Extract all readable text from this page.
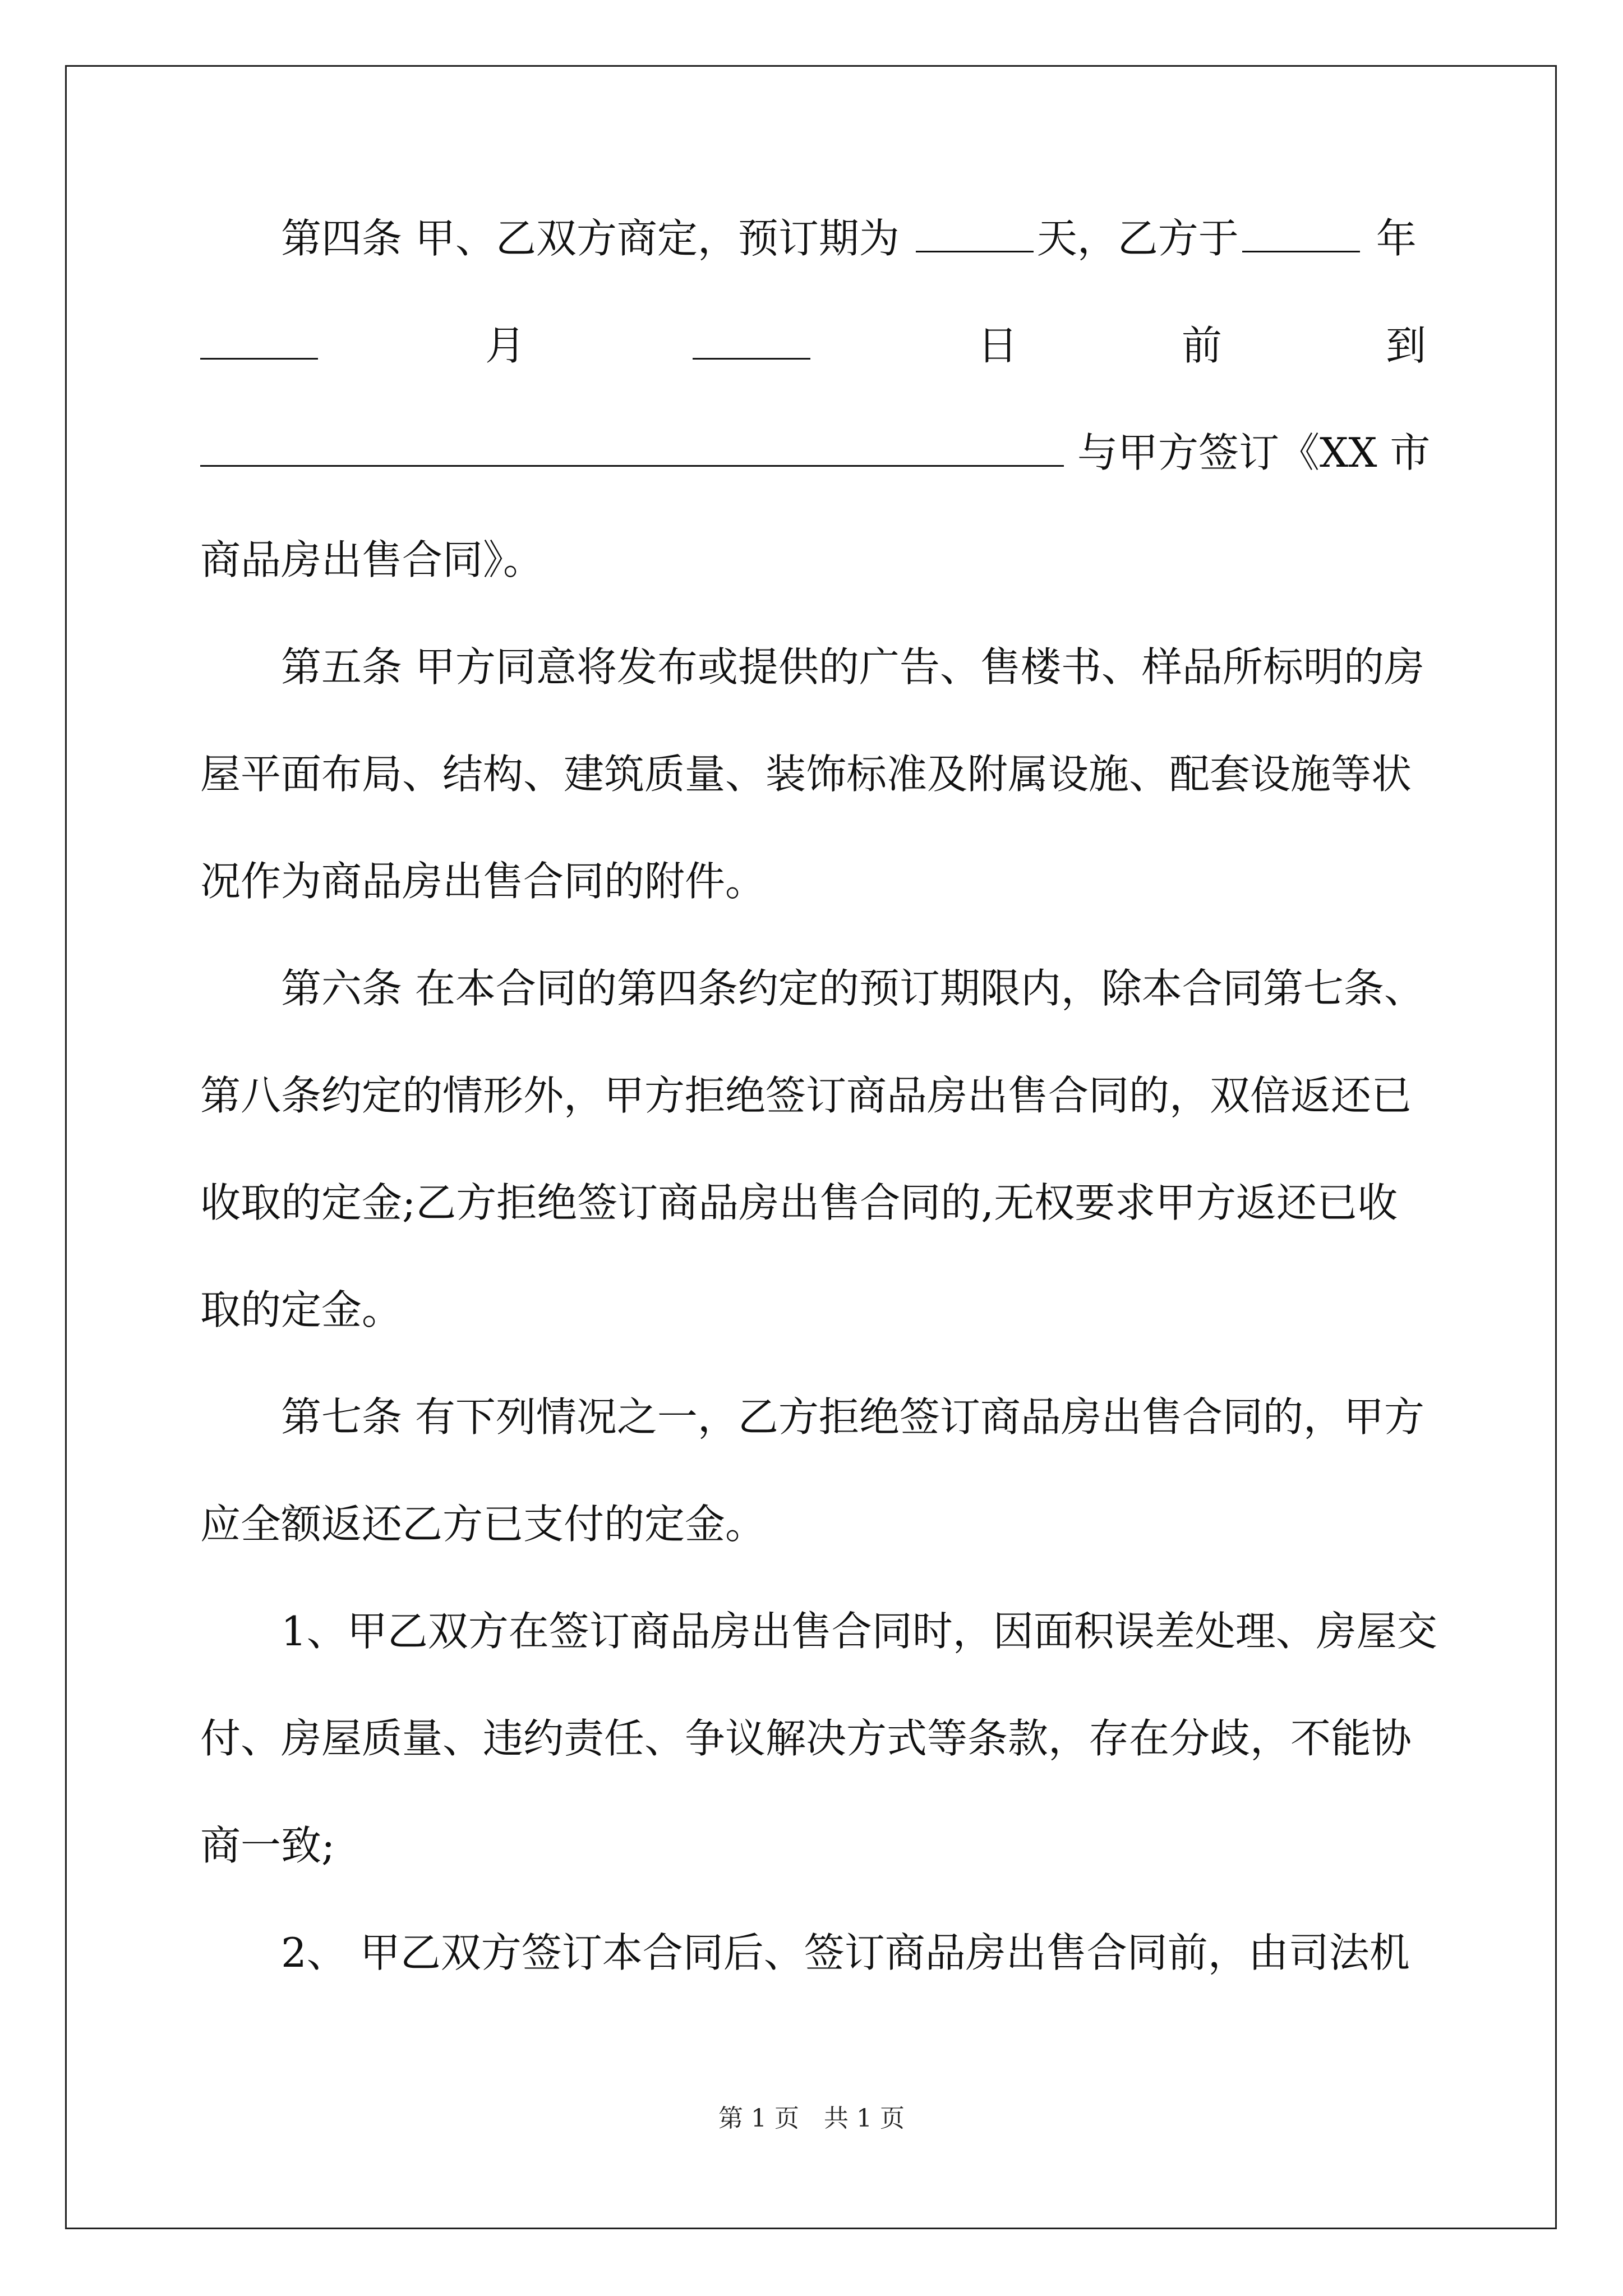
第四条 甲、乙双方商定，预订期为	天，乙方于	年
月	日	前	到
与甲方签订《XX 市
商品房出售合同》。
第五条 甲方同意将发布或提供的广告、售楼书、样品所标明的房
屋平面布局、结构、建筑质量、装饰标准及附属设施、配套设施等状
况作为商品房出售合同的附件。
第六条 在本合同的第四条约定的预订期限内，除本合同第七条、
第八条约定的情形外，甲方拒绝签订商品房出售合同的，双倍返还已
收取的定金;乙方拒绝签订商品房出售合同的,无权要求甲方返还已收
取的定金。
第七条 有下列情况之一，乙方拒绝签订商品房出售合同的，甲方
应全额返还乙方已支付的定金。
1、甲乙双方在签订商品房出售合同时，因面积误差处理、房屋交
付、房屋质量、违约责任、争议解决方式等条款，存在分歧，不能协
商一致;
2、 甲乙双方签订本合同后、签订商品房出售合同前，由司法机
第 1 页　共 1 页
